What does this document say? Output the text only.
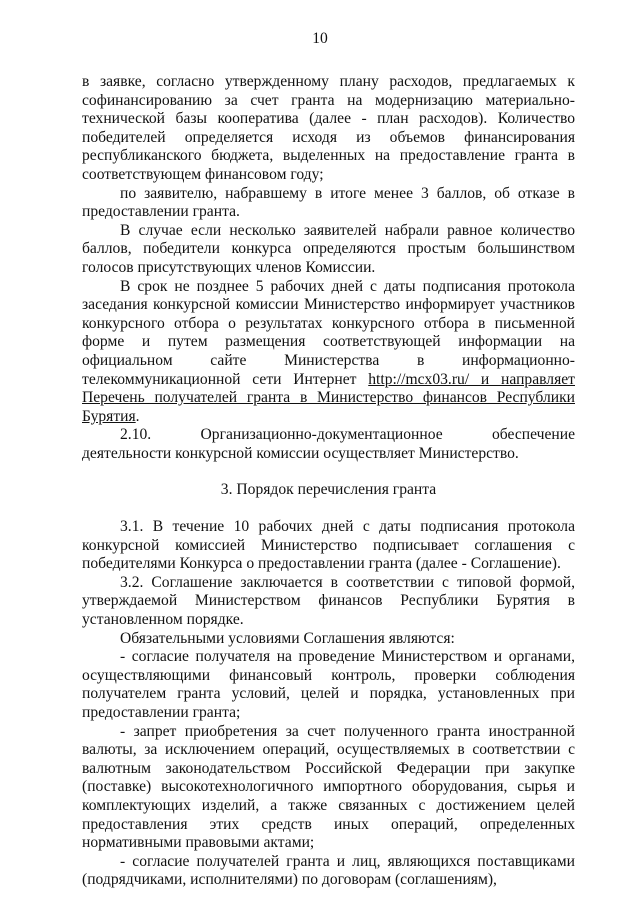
10

в заявке, согласно утвержденному плану расходов, предлагаемых к софинансированию за счет гранта на модернизацию материально-технической базы кооператива (далее - план расходов). Количество победителей определяется исходя из объемов финансирования республиканского бюджета, выделенных на предоставление гранта в соответствующем финансовом году;

по заявителю, набравшему в итоге менее 3 баллов, об отказе в предоставлении гранта.

В случае если несколько заявителей набрали равное количество баллов, победители конкурса определяются простым большинством голосов присутствующих членов Комиссии.

В срок не позднее 5 рабочих дней с даты подписания протокола заседания конкурсной комиссии Министерство информирует участников конкурсного отбора о результатах конкурсного отбора в письменной форме и путем размещения соответствующей информации на официальном сайте Министерства в информационно-телекоммуникационной сети Интернет http://mcx03.ru/ и направляет Перечень получателей гранта в Министерство финансов Республики Бурятия.

2.10. Организационно-документационное обеспечение деятельности конкурсной комиссии осуществляет Министерство.

3. Порядок перечисления гранта

3.1. В течение 10 рабочих дней с даты подписания протокола конкурсной комиссией Министерство подписывает соглашения с победителями Конкурса о предоставлении гранта (далее - Соглашение).

3.2. Соглашение заключается в соответствии с типовой формой, утверждаемой Министерством финансов Республики Бурятия в установленном порядке.

Обязательными условиями Соглашения являются:

- согласие получателя на проведение Министерством и органами, осуществляющими финансовый контроль, проверки соблюдения получателем гранта условий, целей и порядка, установленных при предоставлении гранта;

- запрет приобретения за счет полученного гранта иностранной валюты, за исключением операций, осуществляемых в соответствии с валютным законодательством Российской Федерации при закупке (поставке) высокотехнологичного импортного оборудования, сырья и комплектующих изделий, а также связанных с достижением целей предоставления этих средств иных операций, определенных нормативными правовыми актами;

- согласие получателей гранта и лиц, являющихся поставщиками (подрядчиками, исполнителями) по договорам (соглашениям),
